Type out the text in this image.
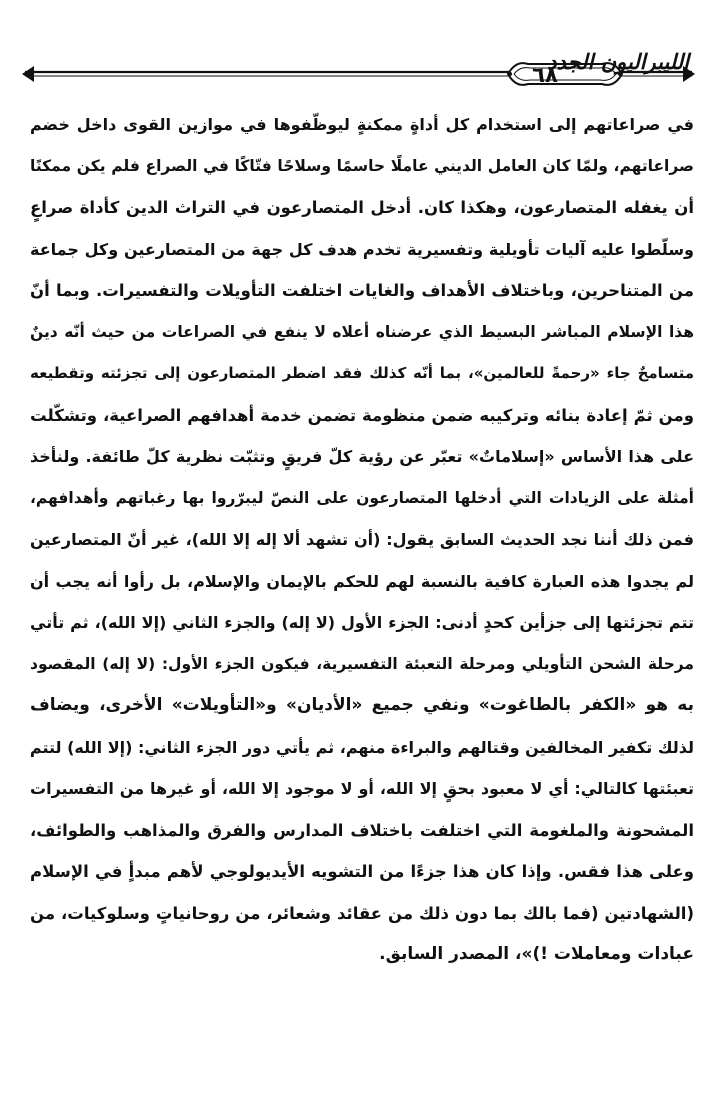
الليبراليون الجدد
٦٨
في صراعاتهم إلى استخدام كل أداةٍ ممكنةٍ ليوظّفوها في موازين القوى داخل خضم
صراعاتهم، ولمّا كان العامل الديني عاملًا حاسمًا وسلاحًا فتّاكًا في الصراع فلم يكن ممكنًا
أن يغفله المتصارعون، وهكذا كان. أدخل المتصارعون في التراث الدين كأداة صراعٍ
وسلّطوا عليه آليات تأويلية وتفسيرية تخدم هدف كل جهة من المتصارعين وكل جماعة
من المتناحرين، وباختلاف الأهداف والغايات اختلفت التأويلات والتفسيرات. وبما أنّ
هذا الإسلام المباشر البسيط الذي عرضناه أعلاه لا ينفع في الصراعات من حيث أنّه دينٌ
متسامحٌ جاء «رحمةً للعالمين»، بما أنّه كذلك فقد اضطر المتصارعون إلى تجزئته وتقطيعه
ومن ثمّ إعادة بنائه وتركيبه ضمن منظومة تضمن خدمة أهدافهم الصراعية، وتشكّلت
على هذا الأساس «إسلاماتٌ» تعبّر عن رؤية كلّ فريقٍ وتثبّت نظرية كلّ طائفة. ولنأخذ
أمثلة على الزيادات التي أدخلها المتصارعون على النصّ ليبرّروا بها رغباتهم وأهدافهم،
فمن ذلك أننا نجد الحديث السابق يقول: (أن تشهد ألا إله إلا الله)، غير أنّ المتصارعين
لم يجدوا هذه العبارة كافية بالنسبة لهم للحكم بالإيمان والإسلام، بل رأوا أنه يجب أن
تتم تجزئتها إلى جزأين كحدٍ أدنى: الجزء الأول (لا إله) والجزء الثاني (إلا الله)، ثم تأتي
مرحلة الشحن التأويلي ومرحلة التعبئة التفسيرية، فيكون الجزء الأول: (لا إله) المقصود
به هو «الكفر بالطاغوت» ونفي جميع «الأديان» و«التأويلات» الأخرى، ويضاف
لذلك تكفير المخالفين وقتالهم والبراءة منهم، ثم يأتي دور الجزء الثاني: (إلا الله) لتتم
تعبئتها كالتالي: أي لا معبود بحقٍ إلا الله، أو لا موجود إلا الله، أو غيرها من التفسيرات
المشحونة والملغومة التي اختلفت باختلاف المدارس والفرق والمذاهب والطوائف،
وعلى هذا فقس. وإذا كان هذا جزءًا من التشويه الأيديولوجي لأهم مبدأٍ في الإسلام
(الشهادتين (فما بالك بما دون ذلك من عقائد وشعائر، من روحانياتٍ وسلوكيات، من
عبادات ومعاملات !)»، المصدر السابق.
